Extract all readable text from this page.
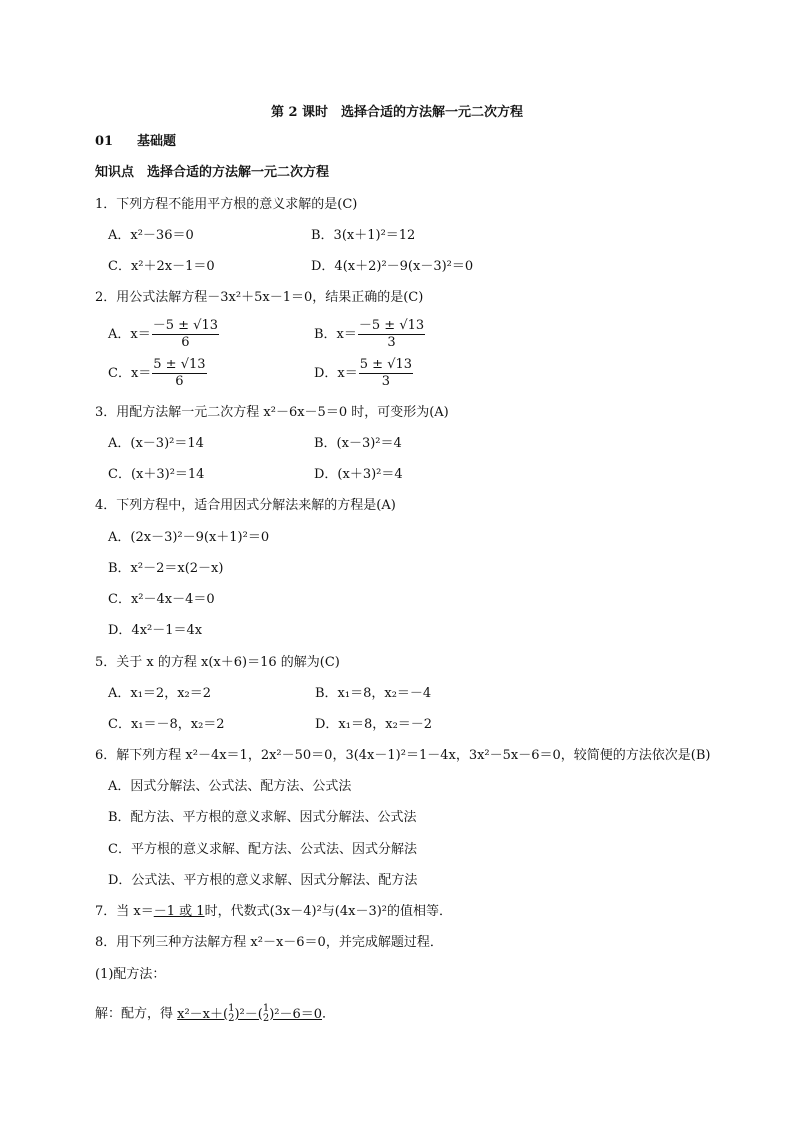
第 2 课时　选择合适的方法解一元二次方程
01 基础题
知识点　选择合适的方法解一元二次方程
1．下列方程不能用平方根的意义求解的是(C)
A．x²－36＝0	B．3(x＋1)²＝12
C．x²＋2x－1＝0	D．4(x＋2)²－9(x－3)²＝0
2．用公式法解方程－3x²＋5x－1＝0，结果正确的是(C)
A．$x= \frac{-5 \pm √13}{6}$	B．$x= \frac{-5 \pm √13}{3}$
C．$x= \frac{5 \pm √13}{6}$	D．$x= \frac{5 \pm √13}{3}$
3．用配方法解一元二次方程 x²－6x－5＝0 时，可变形为(A)
A．(x－3)²＝14	B．(x－3)²＝4
C．(x＋3)²＝14	D．(x＋3)²＝4
4．下列方程中，适合用因式分解法来解的方程是(A)
A．(2x－3)²－9(x＋1)²＝0
B．x²－2＝x(2－x)
C．x²－4x－4＝0
D．4x²－1＝4x
5．关于 x 的方程 x(x＋6)＝16 的解为(C)
A．x₁＝2，x₂＝2	B．x₁＝8，x₂＝－4
C．x₁＝－8，x₂＝2	D．x₁＝8，x₂＝－2
6．解下列方程 x²－4x＝1，2x²－50＝0，3(4x－1)²＝1－4x，3x²－5x－6＝0，较简便的方法依次是(B)
A．因式分解法、公式法、配方法、公式法
B．配方法、平方根的意义求解、因式分解法、公式法
C．平方根的意义求解、配方法、公式法、因式分解法
D．公式法、平方根的意义求解、因式分解法、配方法
7．当 x＝－1 或 1时，代数式(3x－4)²与(4x－3)²的值相等．
8．用下列三种方法解方程 x²－x－6＝0，并完成解题过程．
(1)配方法：
解：配方，得 x²－x＋( 1
2 )²－( 1
2 )²－6＝0．
